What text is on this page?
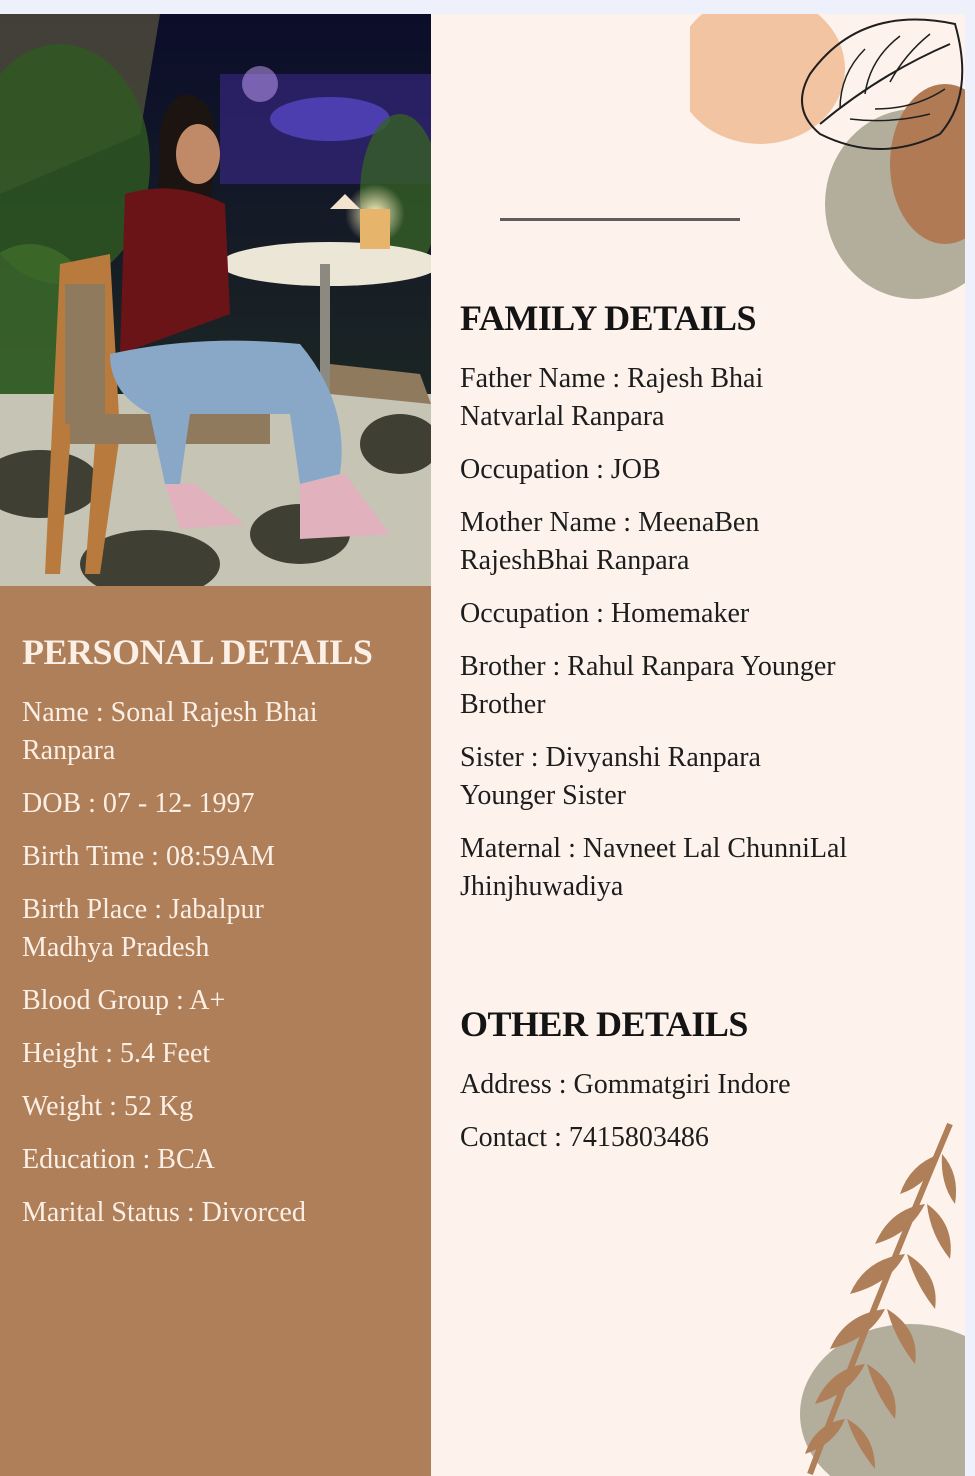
PERSONAL DETAILS
Name : Sonal Rajesh Bhai
Ranpara
DOB : 07 - 12- 1997
Birth Time : 08:59AM
Birth Place : Jabalpur
Madhya Pradesh
Blood Group : A+
Height : 5.4 Feet
Weight : 52 Kg
Education : BCA
Marital Status : Divorced
FAMILY DETAILS
Father Name : Rajesh Bhai
Natvarlal Ranpara
Occupation : JOB
Mother Name : MeenaBen
RajeshBhai Ranpara
Occupation : Homemaker
Brother : Rahul Ranpara Younger
Brother
Sister : Divyanshi Ranpara
Younger Sister
Maternal : Navneet Lal ChunniLal
Jhinjhuwadiya
OTHER DETAILS
Address : Gommatgiri Indore
Contact : 7415803486
